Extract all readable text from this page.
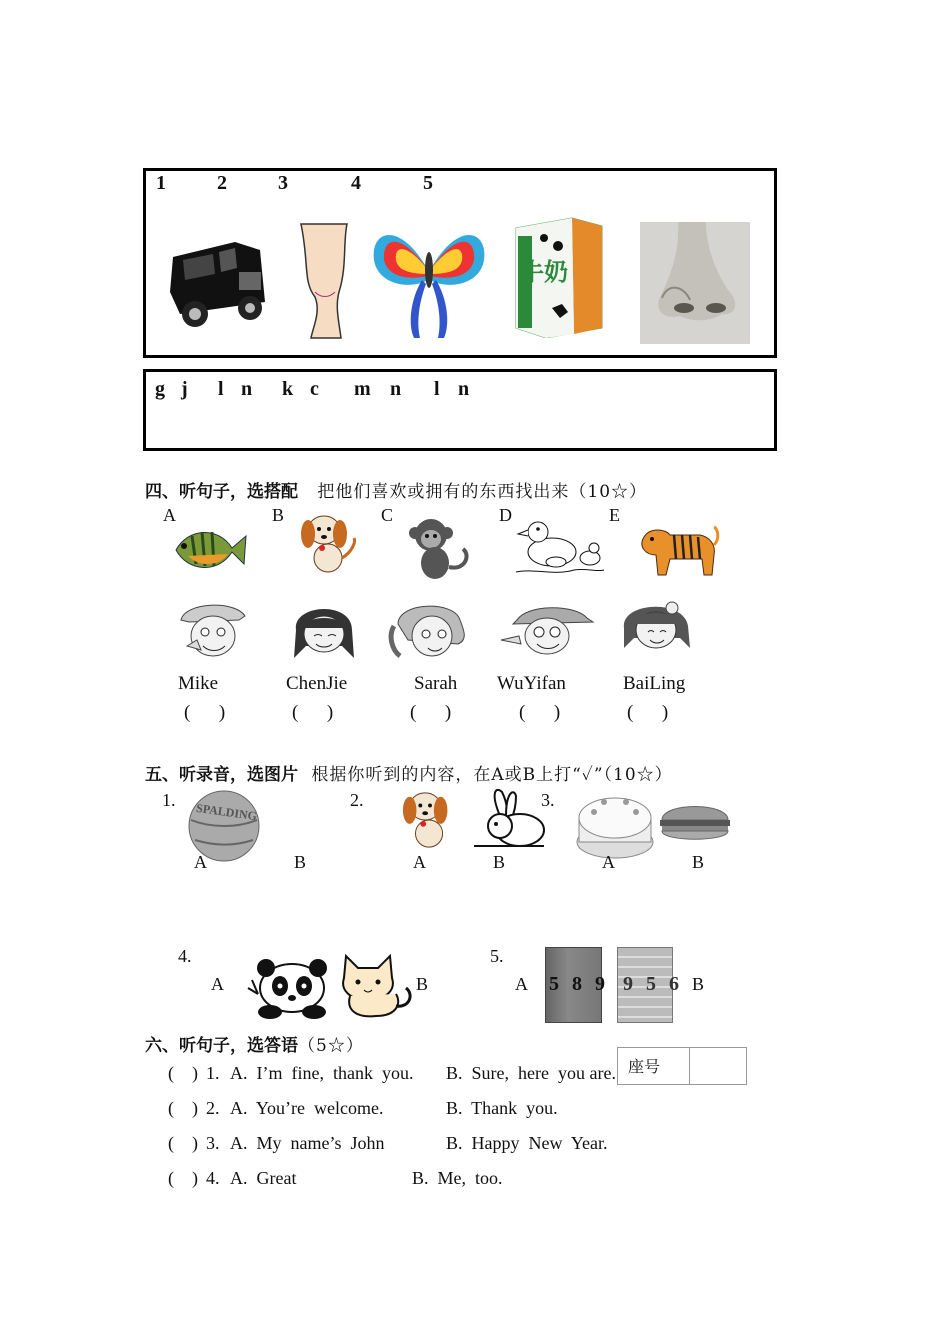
1	2	3	4	5
牛奶
g j l n k c m n l n
四、听句子，选搭配 把他们喜欢或拥有的东西找出来（10☆）
A	B	C	D	E
Mike	ChenJie	Sarah WuYifan	BaiLing
(      )	(      )	(      )	(      )	(      )
五、听录音，选图片 根据你听到的内容，在A或B上打“✓”（10☆）
1.
SPALDING
A	B
2.
A	B
3.
A	B
4.
A	B
5.
A 5 8 9 9 5 6 B
六、听句子，选答语（5☆）
(    ) 1. A.  I’m  fine,  thank  you. B.  Sure,  here  you are.
(    ) 2. A.  You’re  welcome.	B.  Thank  you.
(    ) 3. A.  My  name’s  John	B.  Happy  New  Year.
(    ) 4. A.  Great	B.  Me,  too.
座号
